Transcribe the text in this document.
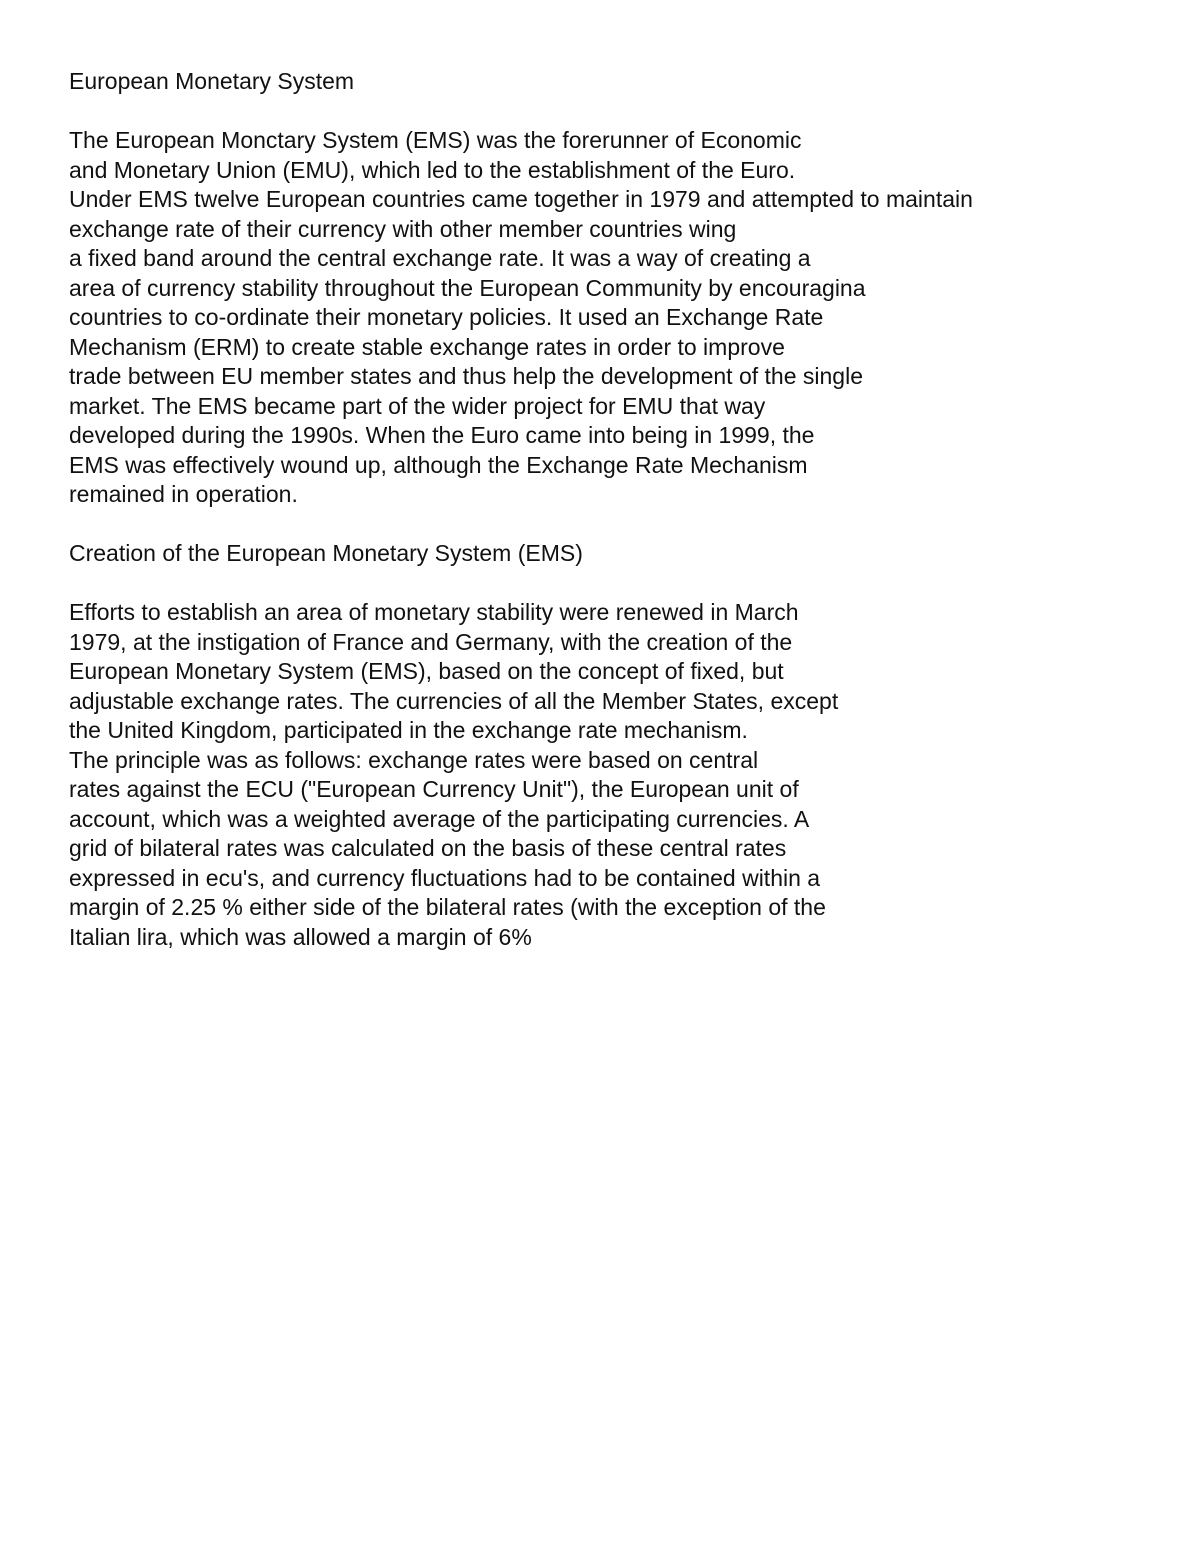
European Monetary System
The European Monctary System (EMS) was the forerunner of Economic
and Monetary Union (EMU), which led to the establishment of the Euro.
Under EMS twelve European countries came together in 1979 and attempted to maintain
exchange rate of their currency with other member countries wing
a fixed band around the central exchange rate. It was a way of creating a
area of currency stability throughout the European Community by encouragina
countries to co-ordinate their monetary policies. It used an Exchange Rate
Mechanism (ERM) to create stable exchange rates in order to improve
trade between EU member states and thus help the development of the single
market. The EMS became part of the wider project for EMU that way
developed during the 1990s. When the Euro came into being in 1999, the
EMS was effectively wound up, although the Exchange Rate Mechanism
remained in operation.
Creation of the European Monetary System (EMS)
Efforts to establish an area of monetary stability were renewed in March
1979, at the instigation of France and Germany, with the creation of the
European Monetary System (EMS), based on the concept of fixed, but
adjustable exchange rates. The currencies of all the Member States, except
the United Kingdom, participated in the exchange rate mechanism.
The principle was as follows: exchange rates were based on central
rates against the ECU ("European Currency Unit"), the European unit of
account, which was a weighted average of the participating currencies. A
grid of bilateral rates was calculated on the basis of these central rates
expressed in ecu's, and currency fluctuations had to be contained within a
margin of 2.25 % either side of the bilateral rates (with the exception of the
Italian lira, which was allowed a margin of 6%
